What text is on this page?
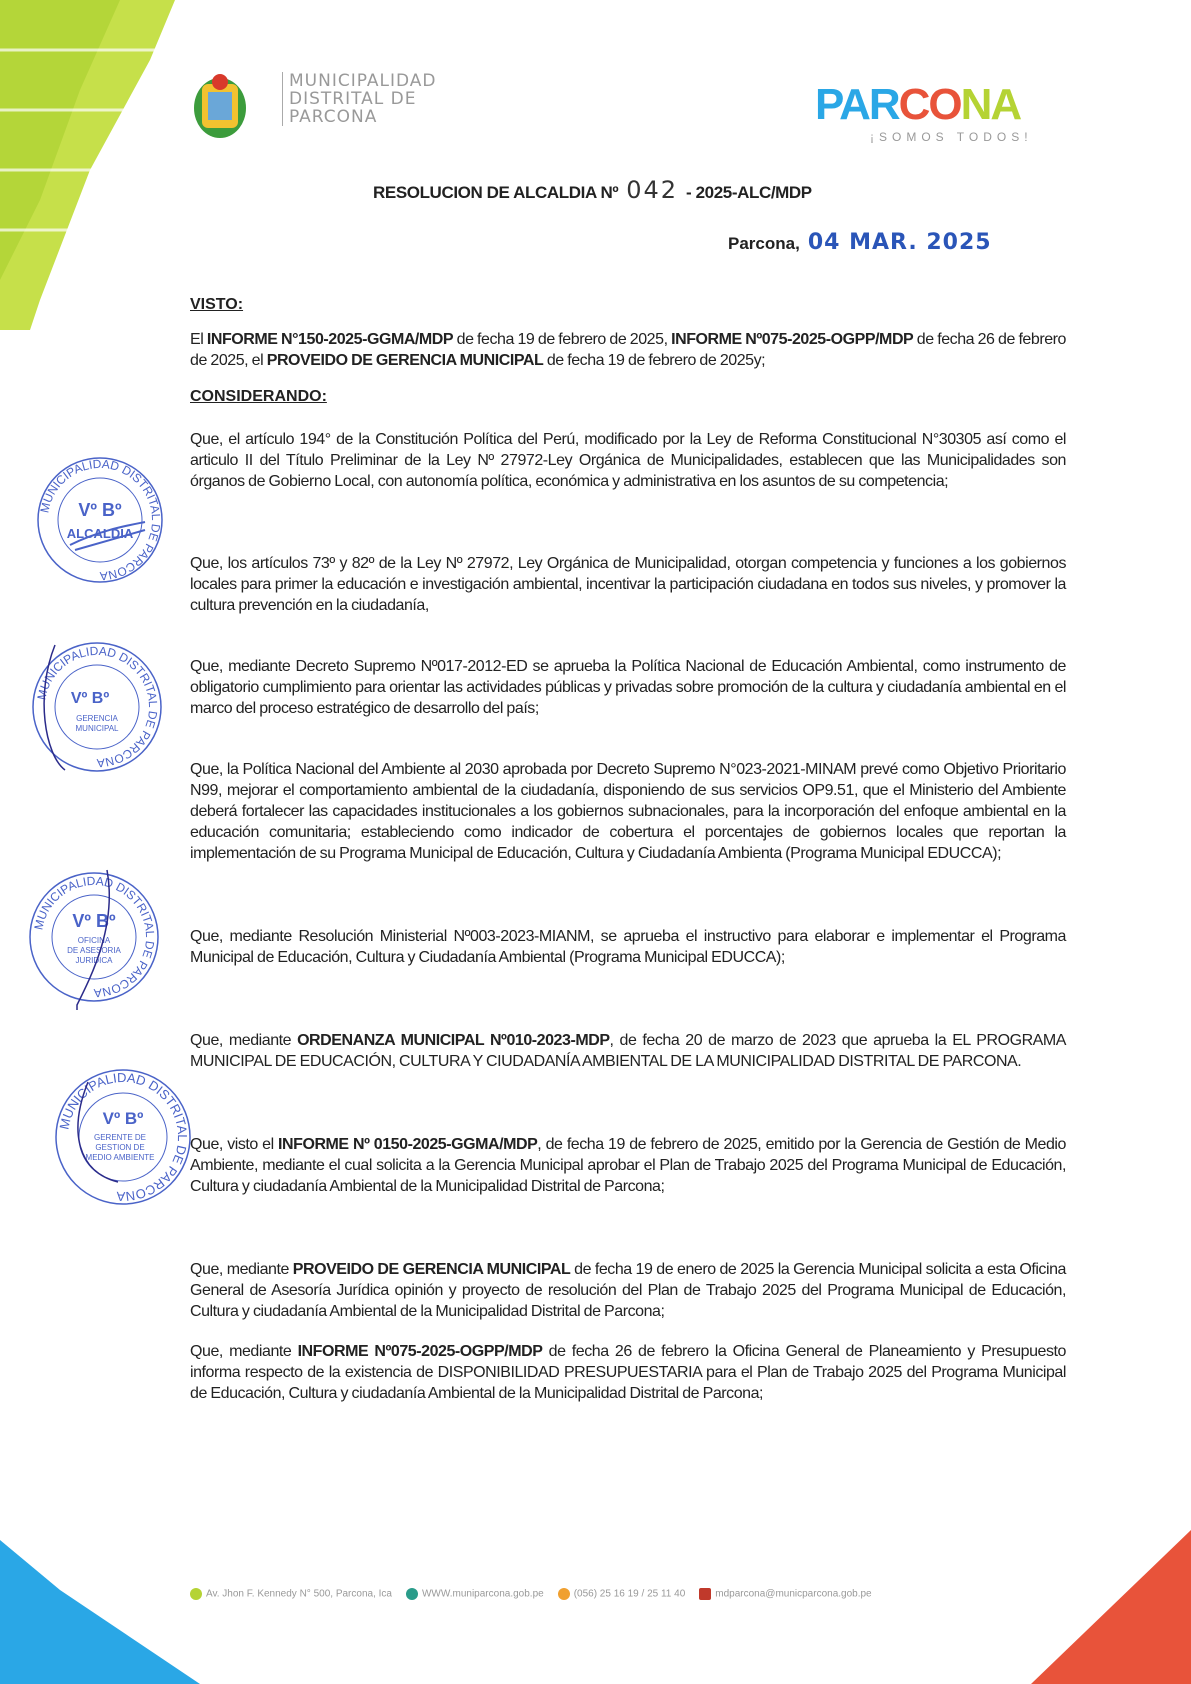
MUNICIPALIDAD
DISTRITAL DE
PARCONA	PARCONA
¡SOMOS TODOS!
RESOLUCION DE ALCALDIA Nº 042 - 2025-ALC/MDP
Parcona, 04 MAR. 2025
VISTO:
El INFORME N°150-2025-GGMA/MDP de fecha 19 de febrero de 2025, INFORME Nº075-2025-OGPP/MDP de fecha 26 de febrero de 2025, el PROVEIDO DE GERENCIA MUNICIPAL de fecha 19 de febrero de 2025y;
CONSIDERANDO:
Que, el artículo 194° de la Constitución Política del Perú, modificado por la Ley de Reforma Constitucional N°30305 así como el articulo II del Título Preliminar de la Ley Nº 27972-Ley Orgánica de Municipalidades, establecen que las Municipalidades son órganos de Gobierno Local, con autonomía política, económica y administrativa en los asuntos de su competencia;
Que, los artículos 73º y 82º de la Ley Nº 27972, Ley Orgánica de Municipalidad, otorgan competencia y funciones a los gobiernos locales para primer la educación e investigación ambiental, incentivar la participación ciudadana en todos sus niveles, y promover la cultura prevención en la ciudadanía,
Que, mediante Decreto Supremo Nº017-2012-ED se aprueba la Política Nacional de Educación Ambiental, como instrumento de obligatorio cumplimiento para orientar las actividades públicas y privadas sobre promoción de la cultura y ciudadanía ambiental en el marco del proceso estratégico de desarrollo del país;
Que, la Política Nacional del Ambiente al 2030 aprobada por Decreto Supremo N°023-2021-MINAM prevé como Objetivo Prioritario N99, mejorar el comportamiento ambiental de la ciudadanía, disponiendo de sus servicios OP9.51, que el Ministerio del Ambiente deberá fortalecer las capacidades institucionales a los gobiernos subnacionales, para la incorporación del enfoque ambiental en la educación comunitaria; estableciendo como indicador de cobertura el porcentajes de gobiernos locales que reportan la implementación de su Programa Municipal de Educación, Cultura y Ciudadanía Ambienta (Programa Municipal EDUCCA);
Que, mediante Resolución Ministerial Nº003-2023-MIANM, se aprueba el instructivo para elaborar e implementar el Programa Municipal de Educación, Cultura y Ciudadanía Ambiental (Programa Municipal EDUCCA);
Que, mediante ORDENANZA MUNICIPAL Nº010-2023-MDP, de fecha 20 de marzo de 2023 que aprueba la EL PROGRAMA MUNICIPAL DE EDUCACIÓN, CULTURA Y CIUDADANÍA AMBIENTAL DE LA MUNICIPALIDAD DISTRITAL DE PARCONA.
Que, visto el INFORME Nº 0150-2025-GGMA/MDP, de fecha 19 de febrero de 2025, emitido por la Gerencia de Gestión de Medio Ambiente, mediante el cual solicita a la Gerencia Municipal aprobar el Plan de Trabajo 2025 del Programa Municipal de Educación, Cultura y ciudadanía Ambiental de la Municipalidad Distrital de Parcona;
Que, mediante PROVEIDO DE GERENCIA MUNICIPAL de fecha 19 de enero de 2025 la Gerencia Municipal solicita a esta Oficina General de Asesoría Jurídica opinión y proyecto de resolución del Plan de Trabajo 2025 del Programa Municipal de Educación, Cultura y ciudadanía Ambiental de la Municipalidad Distrital de Parcona;
Que, mediante INFORME Nº075-2025-OGPP/MDP de fecha 26 de febrero la Oficina General de Planeamiento y Presupuesto informa respecto de la existencia de DISPONIBILIDAD PRESUPUESTARIA para el Plan de Trabajo 2025 del Programa Municipal de Educación, Cultura y ciudadanía Ambiental de la Municipalidad Distrital de Parcona;
MUNICIPALIDAD DISTRITAL DE PARCONA
Vº Bº
ALCALDIA
MUNICIPALIDAD DISTRITAL DE PARCONA
Vº Bº
GERENCIA
MUNICIPAL
MUNICIPALIDAD DISTRITAL DE PARCONA
Vº Bº
OFICINA
DE ASESORIA
JURIDICA
MUNICIPALIDAD DISTRITAL DE PARCONA
Vº Bº
GERENTE DE
GESTION DE
MEDIO AMBIENTE
Av. Jhon F. Kennedy N° 500, Parcona, Ica	WWW.muniparcona.gob.pe	(056) 25 16 19 / 25 11 40	mdparcona@municparcona.gob.pe
